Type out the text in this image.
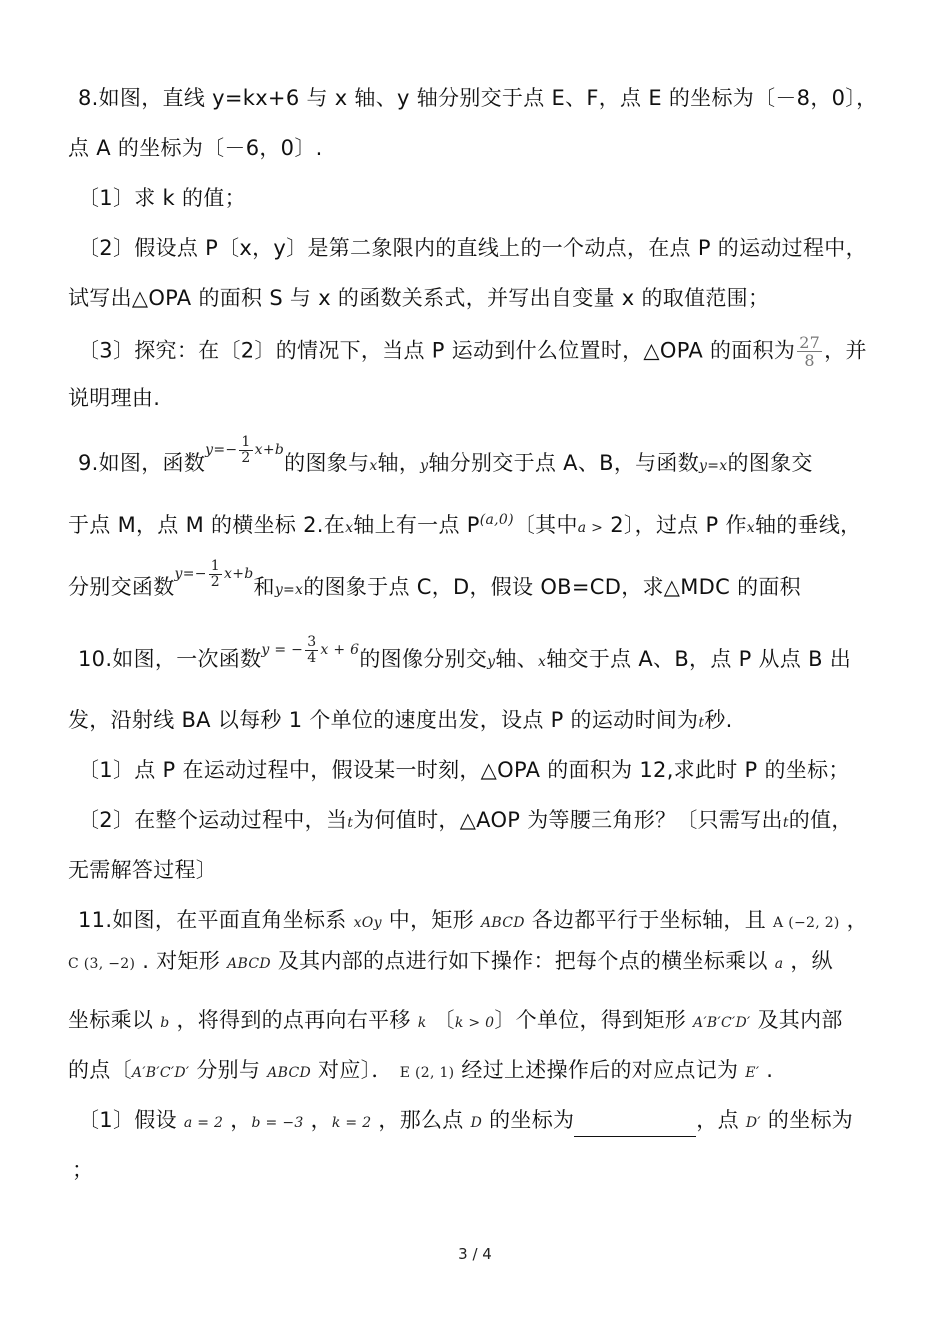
8.如图，直线 y=kx+6 与 x 轴、y 轴分别交于点 E、F，点 E 的坐标为〔－8，0〕，
点 A 的坐标为〔－6，0〕.
〔1〕求 k 的值；
〔2〕假设点 P〔x，y〕是第二象限内的直线上的一个动点，在点 P 的运动过程中，
试写出△OPA 的面积 S 与 x 的函数关系式，并写出自变量 x 的取值范围；
〔3〕探究：在〔2〕的情况下，当点 P 运动到什么位置时，△OPA 的面积为 $\frac{27}{8}$ ，并
说明理由.
9.如图，函数$^{y=- \frac{1}{2} x+b}$的图象与x轴，y轴分别交于点 A、B，与函数y=x的图象交
于点 M，点 M 的横坐标 2.在x轴上有一点 P$^{(a,0)}$〔其中a > 2〕，过点 P 作x轴的垂线，
分别交函数$^{y=- \frac{1}{2} x+b}$和y=x的图象于点 C，D，假设 OB=CD，求△MDC 的面积
10.如图，一次函数$^{y = - \frac{3}{4} x + 6}$的图像分别交y轴、x轴交于点 A、B，点 P 从点 B 出
发，沿射线 BA 以每秒 1 个单位的速度出发，设点 P 的运动时间为t秒.
〔1〕点 P 在运动过程中，假设某一时刻，△OPA 的面积为 12,求此时 P 的坐标；
〔2〕在整个运动过程中，当t为何值时，△AOP 为等腰三角形？〔只需写出t的值，
无需解答过程〕
11.如图，在平面直角坐标系 xOy 中，矩形 ABCD 各边都平行于坐标轴，且 A (−2, 2) ，
C (3, −2) . 对矩形 ABCD 及其内部的点进行如下操作：把每个点的横坐标乘以 a ，纵
坐标乘以 b ，将得到的点再向右平移 k 〔k > 0〕个单位，得到矩形 A′B′C′D′ 及其内部
的点〔A′B′C′D′ 分别与 ABCD 对应〕． E (2, 1) 经过上述操作后的对应点记为 E′ .
〔1〕假设 a = 2 ，b = −3 ，k = 2 ，那么点 D 的坐标为	，点 D′ 的坐标为
；
3 / 4
